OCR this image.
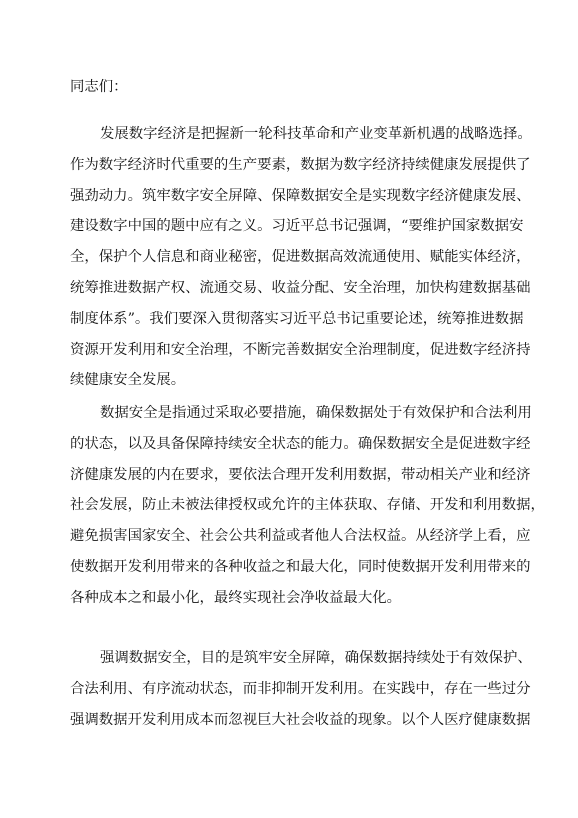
同志们：
发展数字经济是把握新一轮科技革命和产业变革新机遇的战略选择。
作为数字经济时代重要的生产要素，数据为数字经济持续健康发展提供了
强劲动力。筑牢数字安全屏障、保障数据安全是实现数字经济健康发展、
建设数字中国的题中应有之义。习近平总书记强调，“要维护国家数据安
全，保护个人信息和商业秘密，促进数据高效流通使用、赋能实体经济，
统筹推进数据产权、流通交易、收益分配、安全治理，加快构建数据基础
制度体系”。我们要深入贯彻落实习近平总书记重要论述，统筹推进数据
资源开发利用和安全治理，不断完善数据安全治理制度，促进数字经济持
续健康安全发展。
数据安全是指通过采取必要措施，确保数据处于有效保护和合法利用
的状态，以及具备保障持续安全状态的能力。确保数据安全是促进数字经
济健康发展的内在要求，要依法合理开发利用数据，带动相关产业和经济
社会发展，防止未被法律授权或允许的主体获取、存储、开发和利用数据，
避免损害国家安全、社会公共利益或者他人合法权益。从经济学上看，应
使数据开发利用带来的各种收益之和最大化，同时使数据开发利用带来的
各种成本之和最小化，最终实现社会净收益最大化。
强调数据安全，目的是筑牢安全屏障，确保数据持续处于有效保护、
合法利用、有序流动状态，而非抑制开发利用。在实践中，存在一些过分
强调数据开发利用成本而忽视巨大社会收益的现象。以个人医疗健康数据
